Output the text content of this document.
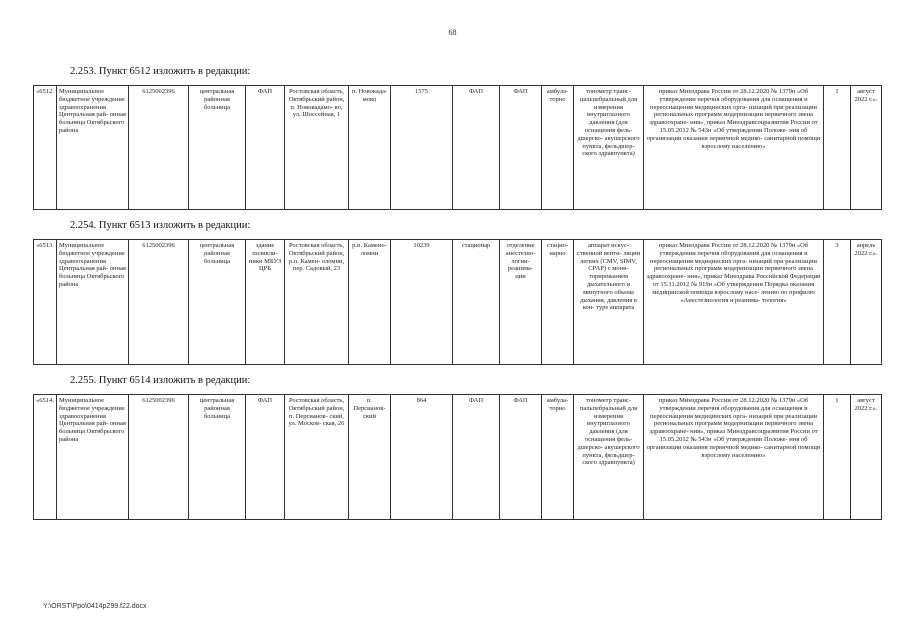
68
2.253. Пункт 6512 изложить в редакции:
«6512.	Муниципальное бюджетное учреждение здравоохранения Центральная рай- онная больница Октябрьского района	6125002396	центральная районная больница	ФАП	Ростовская область, Октябрьский район, п. Новокадамо- во, ул. Шоссейная, 1	п. Новокада- мово	1575	ФАП	ФАП	амбула- торно	тонометр транс- пальпебральный для измерения внутриглазного давления (для оснащения фель- дшерско- акушерского пункта, фельдшер- ского здравпункта)	приказ Минздрава России от 28.12.2020 № 1379н «Об утверждении перечня оборудования для оснащения и переоснащения медицинских орга- низаций при реализации региональных программ модернизации первичного звена здравоохране- ния», приказ Минздравсоцразвития России от 15.05.2012 № 543н «Об утверждении Положе- ния об организации оказания первичной медико- санитарной помощи взрослому населению»	1	август 2022 г.».
2.254. Пункт 6513 изложить в редакции:
«6513.	Муниципальное бюджетное учреждение здравоохранения Центральная рай- онная больница Октябрьского района	6125002396	центральная районная больница	здание поликли- ники МБУЗ ЦРБ	Ростовская область, Октябрьский район, р.п. Камен- оломни, пер. Садовый, 23	р.п. Камено- ломни	10239	стационар	отделение анестезио- логии- реанима- ции	стацио- нарно	аппарат искус- ственной венти- ляции легких (CMV, SIMV, CPAP) с мони- торированием дыхательного и минутного объема дыхания, давления в кон- туре аппарата	приказ Минздрава России от 28.12.2020 № 1379н «Об утверждении перечня оборудования для оснащения и переоснащения медицинских орга- низаций при реализации региональных программ модернизации первичного звена здравоохране- ния», приказ Минздрава Российской Федерации от 15.11.2012 № 919н «Об утверждении Порядка оказания медицинской помощи взрослому насе- лению по профилю «Анестезиология и реанима- тология»	3	апрель 2022 г.».
2.255. Пункт 6514 изложить в редакции:
«6514.	Муниципальное бюджетное учреждение здравоохранения Центральная рай- онная больница Октябрьского района	6125002396	центральная районная больница	ФАП	Ростовская область, Октябрьский район, п. Персианов- ский, ул. Москов- ская, 26	п. Персианов- ский	864	ФАП	ФАП	амбула- торно	тонометр транс- пальпебральный для измерения внутриглазного давления (для оснащения фель- дшерско- акушерского пункта, фельдшер- ского здравпункта)	приказ Минздрава России от 28.12.2020 № 1379н «Об утверждении перечня оборудования для оснащения и переоснащения медицинских орга- низаций при реализации региональных программ модернизации первичного звена здравоохране- ния», приказ Минздравсоцразвития России от 15.05.2012 № 543н «Об утверждении Положе- ния об организации оказания первичной медико- санитарной помощи взрослому населению»	1	август 2022 г.».
Y:\ORST\Ppo\0414p299.f22.docx
